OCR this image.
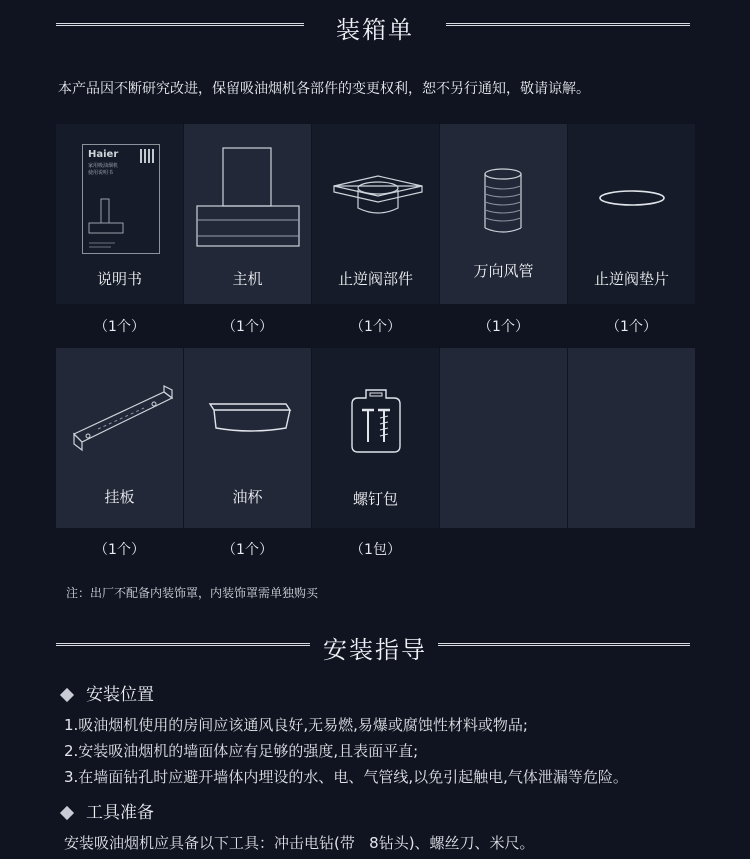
装箱单
本产品因不断研究改进，保留吸油烟机各部件的变更权利，恕不另行通知，敬请谅解。
Haier
家用吸油烟机
使用说明书
说明书	主机	止逆阀部件	万向风管	止逆阀垫片
（1个）	（1个）	（1个）	（1个）	（1个）
挂板	油杯	螺钉包
（1个）	（1个）	（1包）
注：出厂不配备内装饰罩，内装饰罩需单独购买
安装指导
安装位置
1.吸油烟机使用的房间应该通风良好,无易燃,易爆或腐蚀性材料或物品;
2.安装吸油烟机的墙面体应有足够的强度,且表面平直;
3.在墙面钻孔时应避开墙体内埋设的水、电、气管线,以免引起触电,气体泄漏等危险。
工具准备
安装吸油烟机应具备以下工具：冲击电钻(带   8钻头)、螺丝刀、米尺。
